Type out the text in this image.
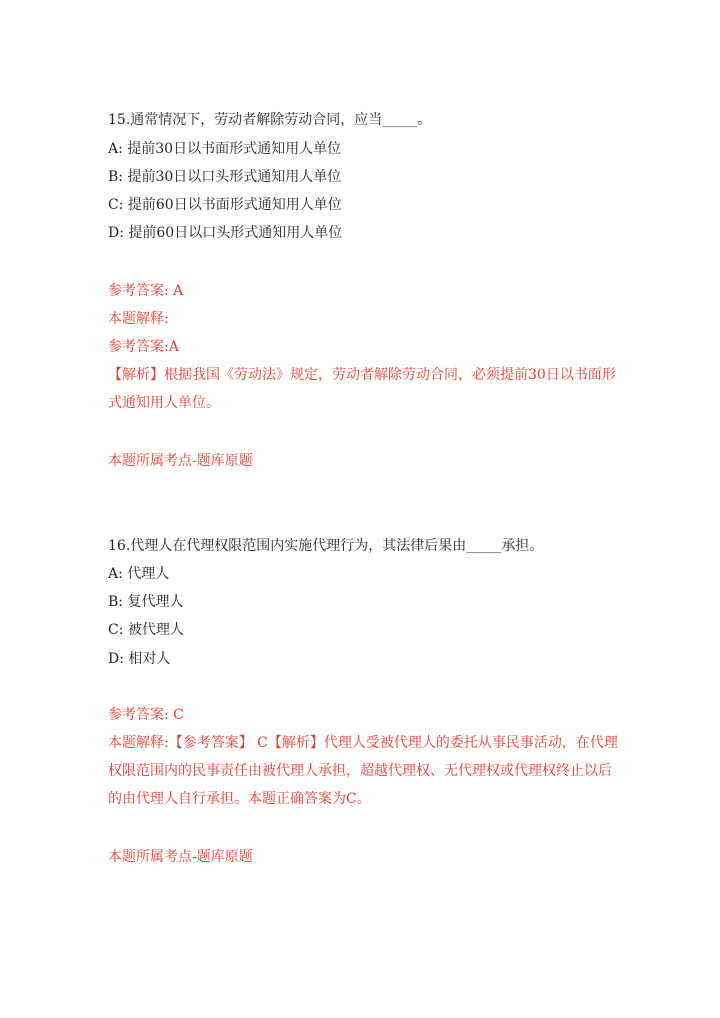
15.通常情况下，劳动者解除劳动合同，应当_____。
A: 提前30日以书面形式通知用人单位
B: 提前30日以口头形式通知用人单位
C: 提前60日以书面形式通知用人单位
D: 提前60日以口头形式通知用人单位
参考答案: A
本题解释:
参考答案:A
【解析】根据我国《劳动法》规定，劳动者解除劳动合同，必须提前30日以书面形式通知用人单位。
本题所属考点-题库原题
16.代理人在代理权限范围内实施代理行为，其法律后果由_____承担。
A: 代理人
B: 复代理人
C: 被代理人
D: 相对人
参考答案: C
本题解释:【参考答案】 C【解析】代理人受被代理人的委托从事民事活动，在代理权限范围内的民事责任由被代理人承担，超越代理权、无代理权或代理权终止以后的由代理人自行承担。本题正确答案为C。
本题所属考点-题库原题
